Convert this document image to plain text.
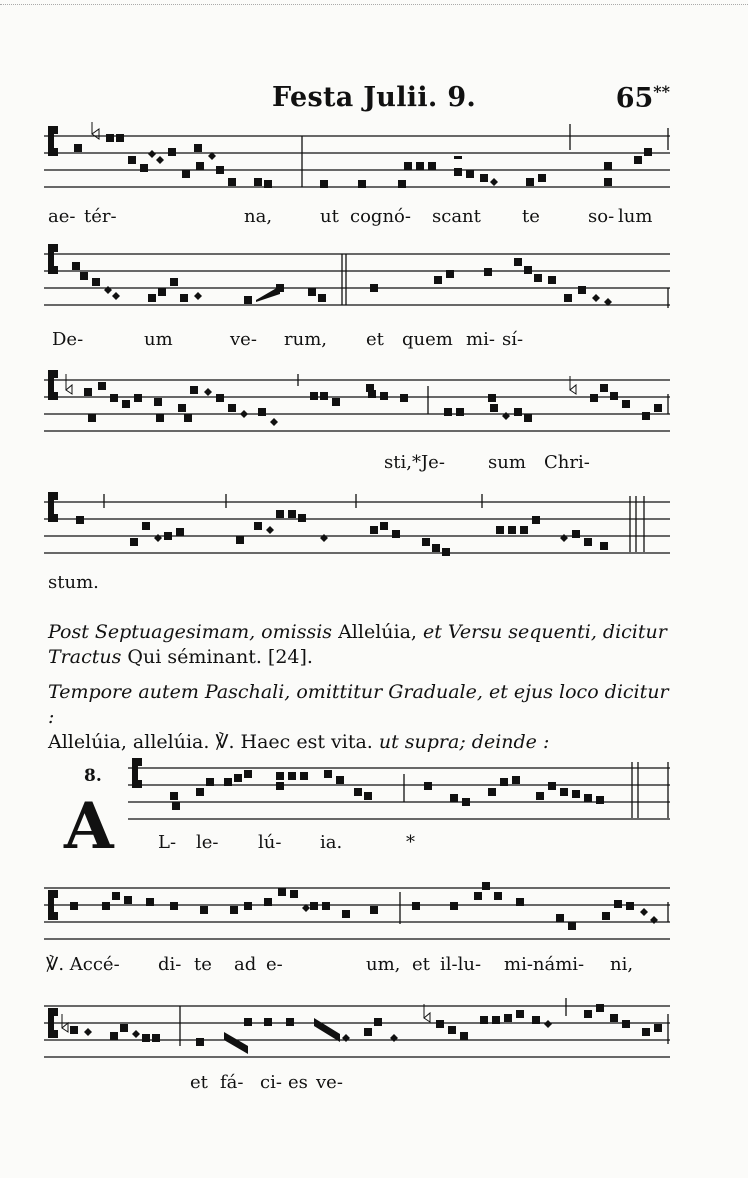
Festa Julii. 9.	65**
ae- tér-	na,	ut cognó- scant te	so- lum
De-	um	ve- rum, et quem mi- sí-
sti,*Je- sum Chri-
stum.
Post Septuagesimam, omissis Allelúia, et Versu sequenti, dicitur
Tractus Qui séminant. [24].
Tempore autem Paschali, omittitur Graduale, et ejus loco dicitur :
Allelúia, allelúia. ℣. Haec est vita. ut supra; deinde :
8.
A L- le- lú- ia.	*
℣. Accé- di- te ad e-	um, et il-lu- mi-námi- ni,
et fá- ci- es ve-
